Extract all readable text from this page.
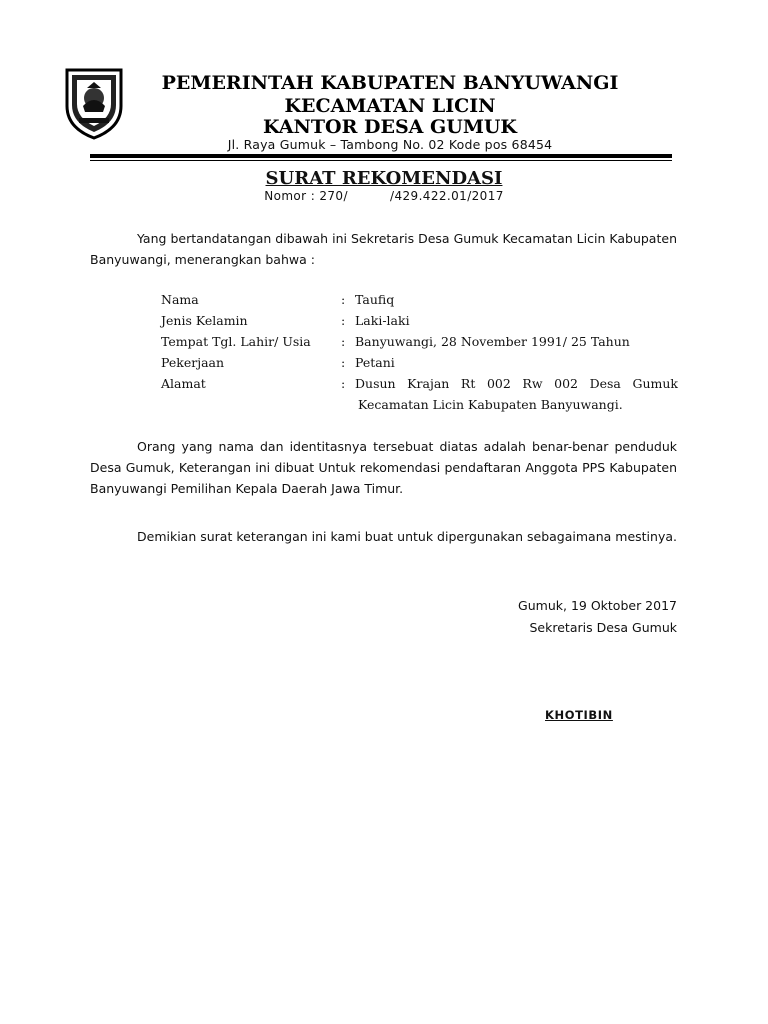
PEMERINTAH KABUPATEN BANYUWANGI
KECAMATAN LICIN
KANTOR DESA GUMUK
Jl. Raya Gumuk – Tambong No. 02 Kode pos 68454
SURAT REKOMENDASI
Nomor : 270/          /429.422.01/2017
Yang bertandatangan dibawah ini Sekretaris Desa Gumuk Kecamatan Licin Kabupaten Banyuwangi, menerangkan bahwa :
Nama	: Taufiq
Jenis Kelamin	: Laki-laki
Tempat Tgl. Lahir/ Usia : Banyuwangi, 28 November 1991/ 25 Tahun
Pekerjaan	: Petani
Alamat	: Dusun Krajan Rt 002 Rw 002 Desa Gumuk
Kecamatan Licin Kabupaten Banyuwangi.
Orang yang nama dan identitasnya tersebuat diatas adalah benar-benar penduduk Desa Gumuk, Keterangan ini dibuat Untuk rekomendasi pendaftaran Anggota PPS Kabupaten Banyuwangi Pemilihan Kepala Daerah Jawa Timur.
Demikian surat keterangan ini kami buat untuk dipergunakan sebagaimana mestinya.
Gumuk, 19 Oktober 2017
Sekretaris Desa Gumuk
KHOTIBIN
